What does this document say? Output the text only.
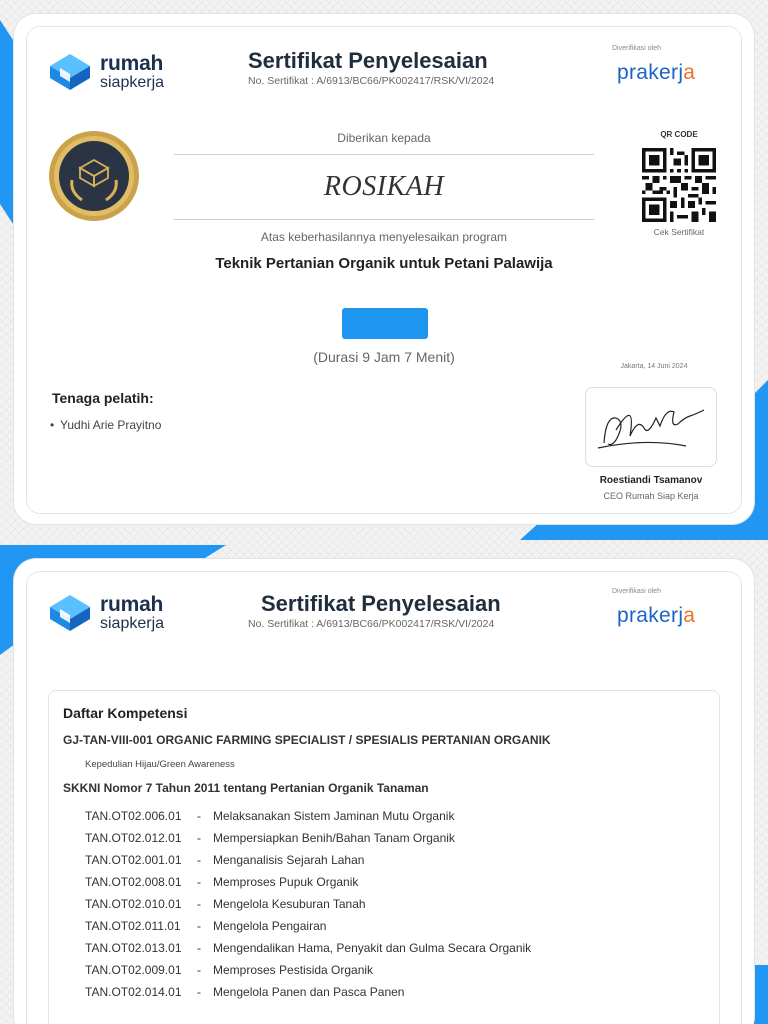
rumah
siapkerja
Sertifikat Penyelesaian
No. Sertifikat : A/6913/BC66/PK002417/RSK/VI/2024
Diverifikasi oleh
prakerja
Diberikan kepada
ROSIKAH
Atas keberhasilannya menyelesaikan program
Teknik Pertanian Organik untuk Petani Palawija
(Durasi 9 Jam 7 Menit)
QR CODE
Cek Sertifikat
Jakarta, 14 Juni 2024
Roestiandi Tsamanov
CEO Rumah Siap Kerja
Tenaga pelatih:
• Yudhi Arie Prayitno
rumah
siapkerja
Sertifikat Penyelesaian
No. Sertifikat : A/6913/BC66/PK002417/RSK/VI/2024
Diverifikasi oleh
prakerja
Daftar Kompetensi
GJ-TAN-VIII-001 ORGANIC FARMING SPECIALIST / SPESIALIS PERTANIAN ORGANIK
Kepedulian Hijau/Green Awareness
SKKNI Nomor 7 Tahun 2011 tentang Pertanian Organik Tanaman
TAN.OT02.006.01	-	Melaksanakan Sistem Jaminan Mutu Organik
TAN.OT02.012.01	-	Mempersiapkan Benih/Bahan Tanam Organik
TAN.OT02.001.01	-	Menganalisis Sejarah Lahan
TAN.OT02.008.01	-	Memproses Pupuk Organik
TAN.OT02.010.01	-	Mengelola Kesuburan Tanah
TAN.OT02.011.01	-	Mengelola Pengairan
TAN.OT02.013.01	-	Mengendalikan Hama, Penyakit dan Gulma Secara Organik
TAN.OT02.009.01	-	Memproses Pestisida Organik
TAN.OT02.014.01	-	Mengelola Panen dan Pasca Panen
